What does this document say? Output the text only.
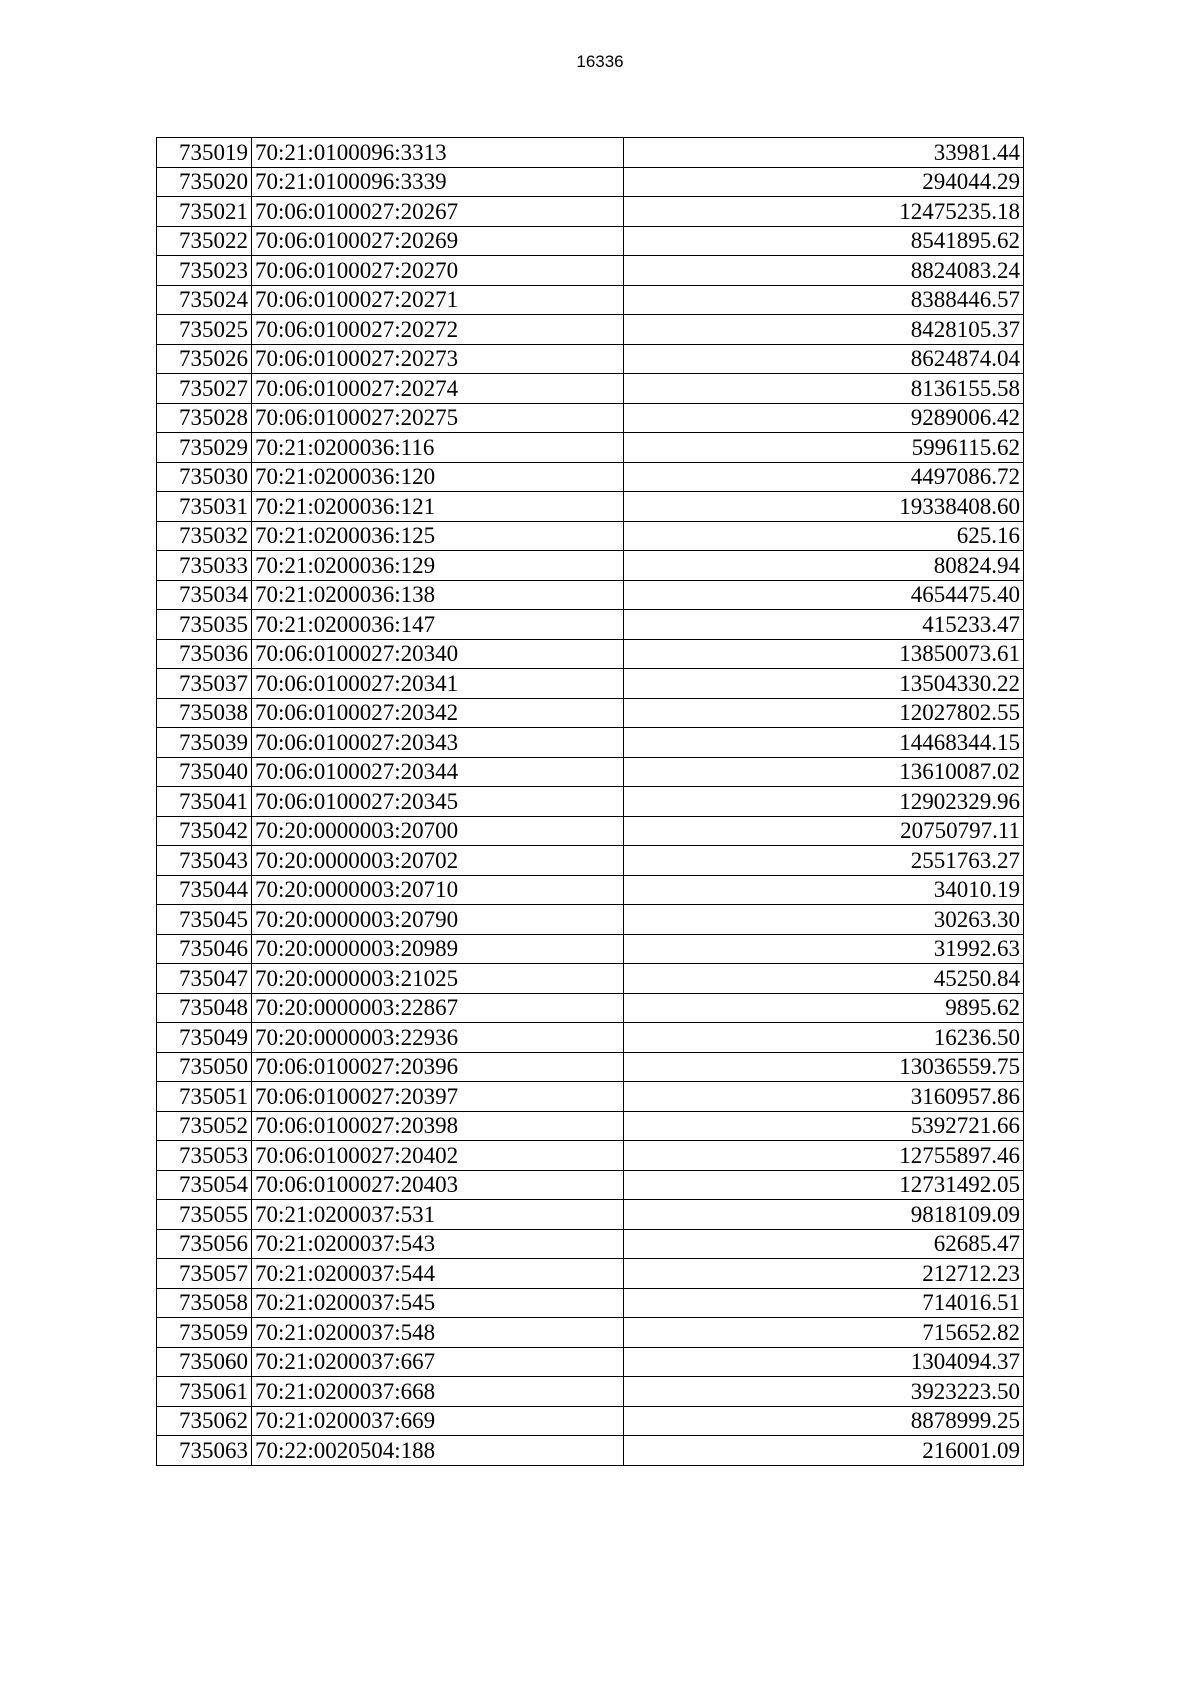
16336
735019	70:21:0100096:3313	33981.44
735020	70:21:0100096:3339	294044.29
735021	70:06:0100027:20267	12475235.18
735022	70:06:0100027:20269	8541895.62
735023	70:06:0100027:20270	8824083.24
735024	70:06:0100027:20271	8388446.57
735025	70:06:0100027:20272	8428105.37
735026	70:06:0100027:20273	8624874.04
735027	70:06:0100027:20274	8136155.58
735028	70:06:0100027:20275	9289006.42
735029	70:21:0200036:116	5996115.62
735030	70:21:0200036:120	4497086.72
735031	70:21:0200036:121	19338408.60
735032	70:21:0200036:125	625.16
735033	70:21:0200036:129	80824.94
735034	70:21:0200036:138	4654475.40
735035	70:21:0200036:147	415233.47
735036	70:06:0100027:20340	13850073.61
735037	70:06:0100027:20341	13504330.22
735038	70:06:0100027:20342	12027802.55
735039	70:06:0100027:20343	14468344.15
735040	70:06:0100027:20344	13610087.02
735041	70:06:0100027:20345	12902329.96
735042	70:20:0000003:20700	20750797.11
735043	70:20:0000003:20702	2551763.27
735044	70:20:0000003:20710	34010.19
735045	70:20:0000003:20790	30263.30
735046	70:20:0000003:20989	31992.63
735047	70:20:0000003:21025	45250.84
735048	70:20:0000003:22867	9895.62
735049	70:20:0000003:22936	16236.50
735050	70:06:0100027:20396	13036559.75
735051	70:06:0100027:20397	3160957.86
735052	70:06:0100027:20398	5392721.66
735053	70:06:0100027:20402	12755897.46
735054	70:06:0100027:20403	12731492.05
735055	70:21:0200037:531	9818109.09
735056	70:21:0200037:543	62685.47
735057	70:21:0200037:544	212712.23
735058	70:21:0200037:545	714016.51
735059	70:21:0200037:548	715652.82
735060	70:21:0200037:667	1304094.37
735061	70:21:0200037:668	3923223.50
735062	70:21:0200037:669	8878999.25
735063	70:22:0020504:188	216001.09
